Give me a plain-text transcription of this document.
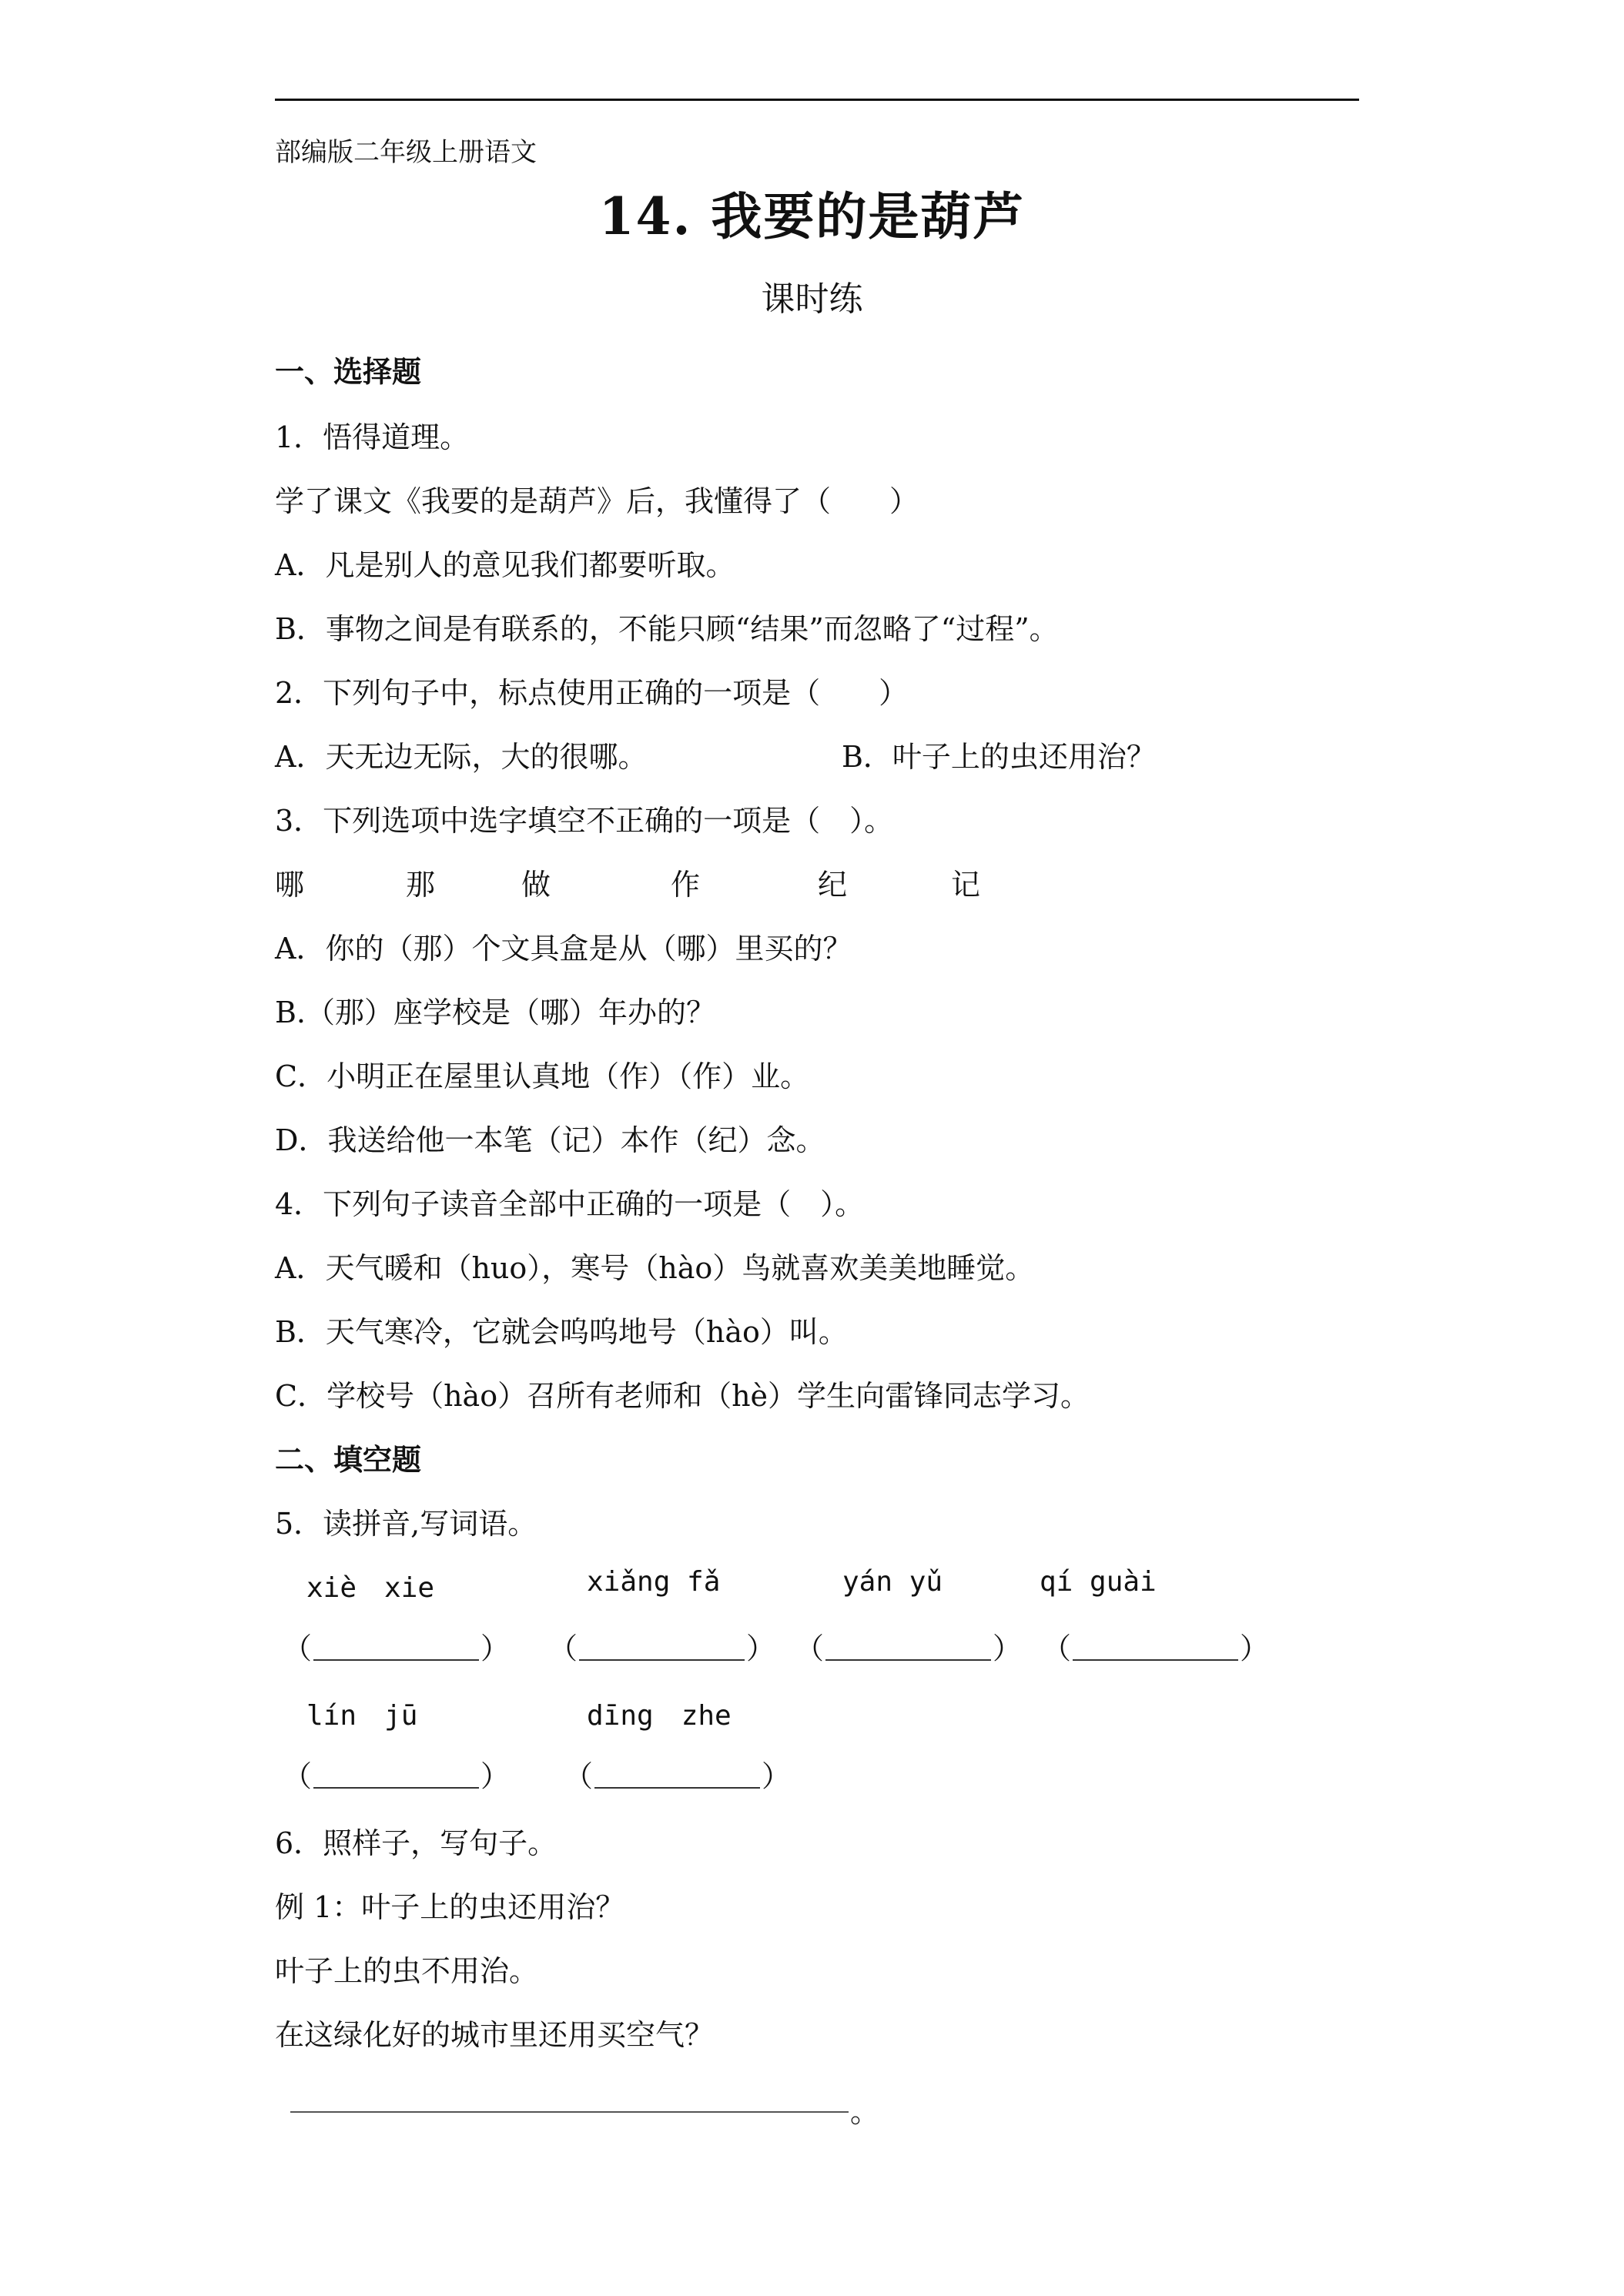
部编版二年级上册语文
14. 我要的是葫芦
课时练
一、选择题
1．悟得道理。
学了课文《我要的是葫芦》后，我懂得了（　　）
A．凡是别人的意见我们都要听取。
B．事物之间是有联系的，不能只顾“结果”而忽略了“过程”。
2．下列句子中，标点使用正确的一项是（　　）
A．天无边无际，大的很哪。	B．叶子上的虫还用治？
3．下列选项中选字填空不正确的一项是（　）。
哪	那	做	作	纪	记
A．你的（那）个文具盒是从（哪）里买的？
B.（那）座学校是（哪）年办的？
C．小明正在屋里认真地（作）（作）业。
D．我送给他一本笔（记）本作（纪）念。
4．下列句子读音全部中正确的一项是（　）。
A．天气暖和（huo），寒号（hào）鸟就喜欢美美地睡觉。
B．天气寒冷，它就会呜呜地号（hào）叫。
C．学校号（hào）召所有老师和（hè）学生向雷锋同志学习。
二、填空题
5．读拼音,写词语。
xiè　xie	xiǎng fǎ	yán yǔ	qí guài
（	） （	） （	） （	）
lín　jū	dīng　zhe
（	） （	）
6．照样子，写句子。
例 1：叶子上的虫还用治？
叶子上的虫不用治。
在这绿化好的城市里还用买空气？
。
